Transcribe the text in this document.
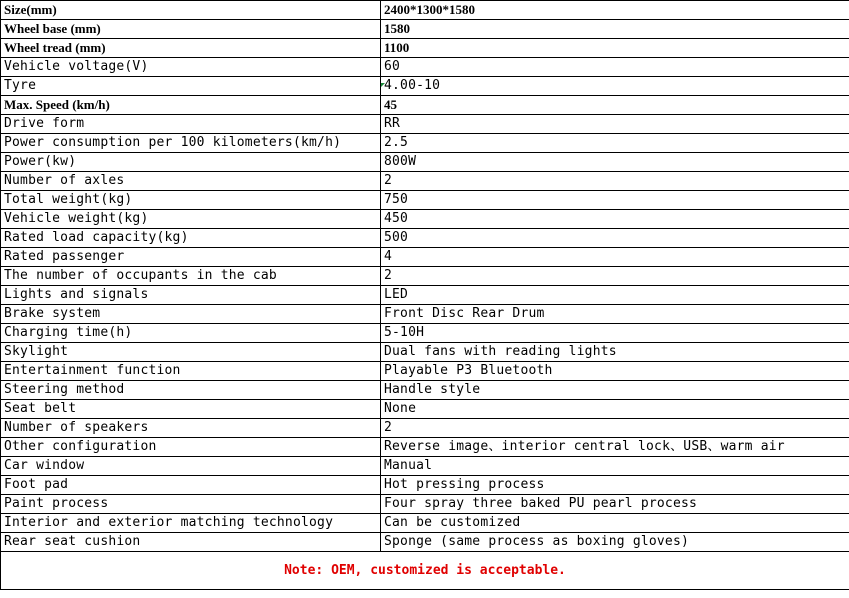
Size(mm)	2400*1300*1580
Wheel base (mm)	1580
Wheel tread (mm)	1100
Vehicle voltage(V)	60
Tyre	4.00-10
Max. Speed (km/h)	45
Drive form	RR
Power consumption per 100 kilometers(km/h)	2.5
Power(kw)	800W
Number of axles	2
Total weight(kg)	750
Vehicle weight(kg)	450
Rated load capacity(kg)	500
Rated passenger	4
The number of occupants in the cab	2
Lights and signals	LED
Brake system	Front Disc Rear Drum
Charging time(h)	5-10H
Skylight	Dual fans with reading lights
Entertainment function	Playable P3 Bluetooth
Steering method	Handle style
Seat belt	None
Number of speakers	2
Other configuration	Reverse image、interior central lock、USB、warm air
Car window	Manual
Foot pad	Hot pressing process
Paint process	Four spray three baked PU pearl process
Interior and exterior matching technology	Can be customized
Rear seat cushion	Sponge (same process as boxing gloves)
Note: OEM, customized is acceptable.	
